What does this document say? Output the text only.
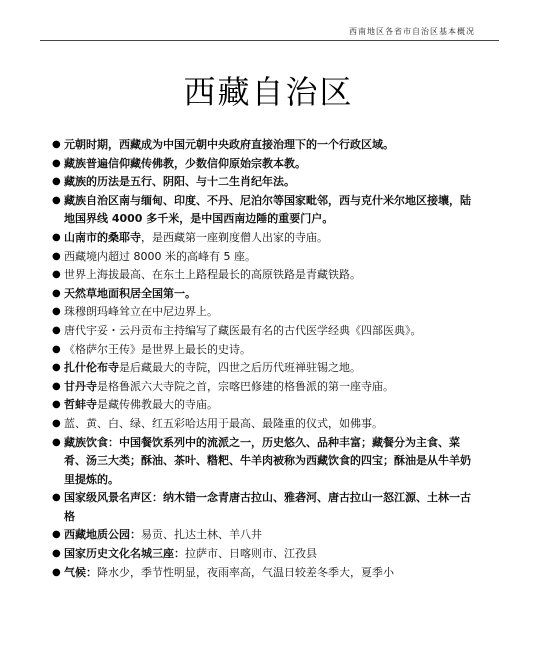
西南地区各省市自治区基本概况
西藏自治区
● 元朝时期，西藏成为中国元朝中央政府直接治理下的一个行政区域。
● 藏族普遍信仰藏传佛教，少数信仰原始宗教本教。
● 藏族的历法是五行、阴阳、与十二生肖纪年法。
● 藏族自治区南与缅甸、印度、不丹、尼泊尔等国家毗邻，西与克什米尔地区接壤，陆地国界线 4000 多千米，是中国西南边陲的重要门户。
● 山南市的桑耶寺，是西藏第一座剃度僧人出家的寺庙。
● 西藏境内超过 8000 米的高峰有 5 座。
● 世界上海拔最高、在东土上路程最长的高原铁路是青藏铁路。
● 天然草地面积居全国第一。
● 珠穆朗玛峰耸立在中尼边界上。
● 唐代宇妥・云丹贡布主持编写了藏医最有名的古代医学经典《四部医典》。
● 《格萨尔王传》是世界上最长的史诗。
● 扎什伦布寺是后藏最大的寺院，四世之后历代班禅驻锡之地。
● 甘丹寺是格鲁派六大寺院之首，宗喀巴修建的格鲁派的第一座寺庙。
● 哲蚌寺是藏传佛教最大的寺庙。
● 蓝、黄、白、绿、红五彩哈达用于最高、最隆重的仪式，如佛事。
● 藏族饮食：中国餐饮系列中的流派之一，历史悠久、品种丰富；藏餐分为主食、菜肴、汤三大类；酥油、茶叶、糌粑、牛羊肉被称为西藏饮食的四宝；酥油是从牛羊奶里提炼的。
● 国家级风景名声区：纳木错一念青唐古拉山、雅砻河、唐古拉山一怒江源、土林一古格
● 西藏地质公园：易贡、扎达土林、羊八井
● 国家历史文化名城三座：拉萨市、日喀则市、江孜县
● 气候：降水少，季节性明显，夜雨率高，气温日较差冬季大，夏季小
